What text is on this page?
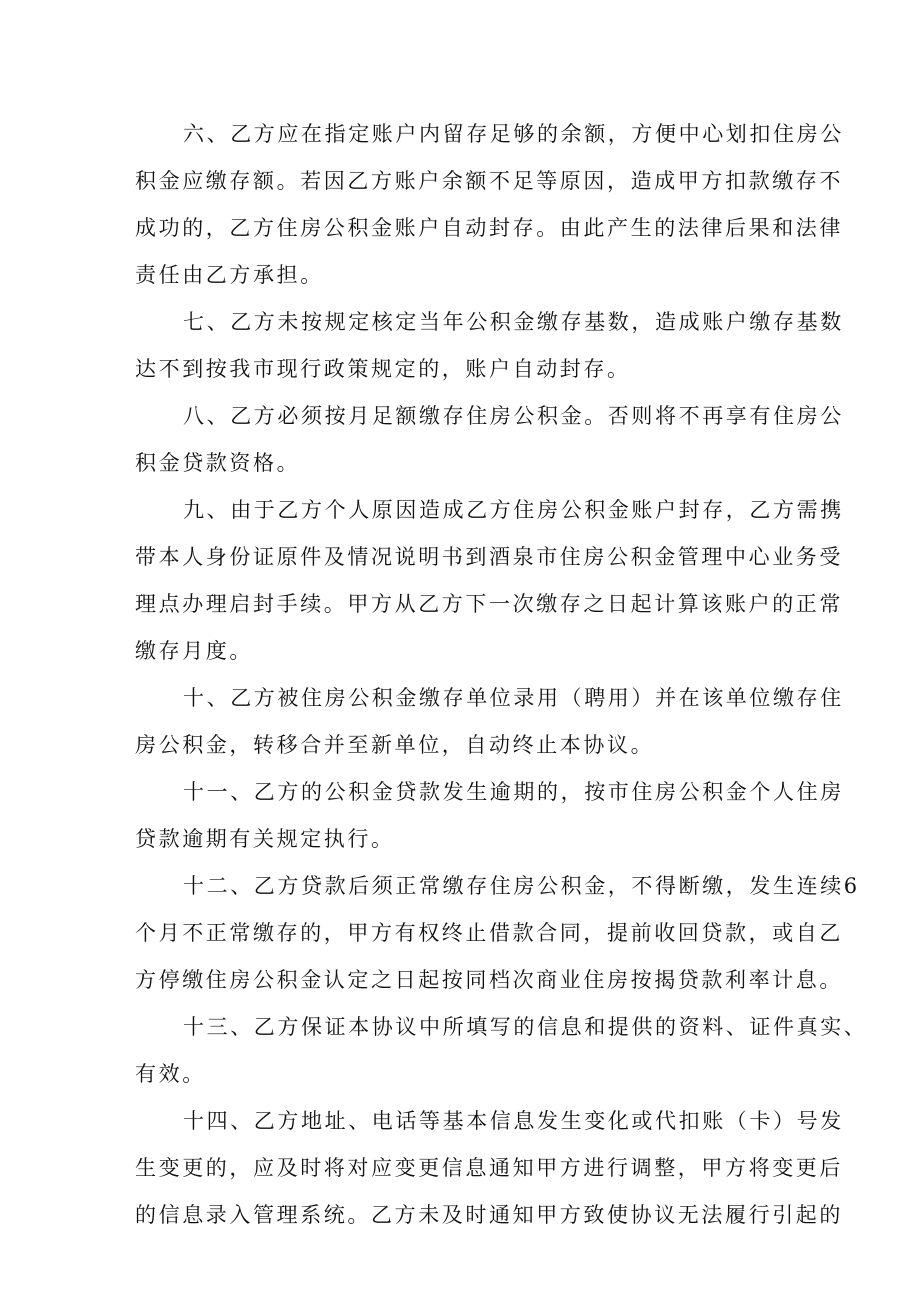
六、乙方应在指定账户内留存足够的余额，方便中心划扣住房公
积金应缴存额。若因乙方账户余额不足等原因，造成甲方扣款缴存不
成功的，乙方住房公积金账户自动封存。由此产生的法律后果和法律
责任由乙方承担。
七、乙方未按规定核定当年公积金缴存基数，造成账户缴存基数
达不到按我市现行政策规定的，账户自动封存。
八、乙方必须按月足额缴存住房公积金。否则将不再享有住房公
积金贷款资格。
九、由于乙方个人原因造成乙方住房公积金账户封存，乙方需携
带本人身份证原件及情况说明书到酒泉市住房公积金管理中心业务受
理点办理启封手续。甲方从乙方下一次缴存之日起计算该账户的正常
缴存月度。
十、乙方被住房公积金缴存单位录用（聘用）并在该单位缴存住
房公积金，转移合并至新单位，自动终止本协议。
十一、乙方的公积金贷款发生逾期的，按市住房公积金个人住房
贷款逾期有关规定执行。
十二、乙方贷款后须正常缴存住房公积金，不得断缴，发生连续6
个月不正常缴存的，甲方有权终止借款合同，提前收回贷款，或自乙
方停缴住房公积金认定之日起按同档次商业住房按揭贷款利率计息。
十三、乙方保证本协议中所填写的信息和提供的资料、证件真实、
有效。
十四、乙方地址、电话等基本信息发生变化或代扣账（卡）号发
生变更的，应及时将对应变更信息通知甲方进行调整，甲方将变更后
的信息录入管理系统。乙方未及时通知甲方致使协议无法履行引起的
